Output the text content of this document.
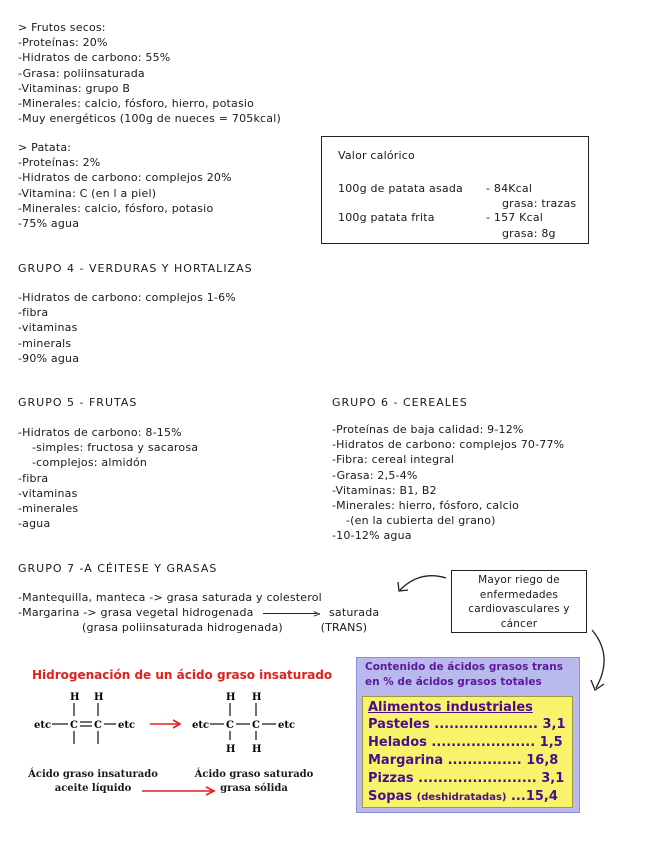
> Frutos secos:
-Proteínas: 20%
-Hidratos de carbono: 55%
-Grasa: poliinsaturada
-Vitaminas: grupo B
-Minerales: calcio, fósforo, hierro, potasio
-Muy energéticos (100g de nueces = 705kcal)
> Patata:
-Proteínas: 2%
-Hidratos de carbono: complejos 20%
-Vitamina: C (en l a piel)
-Minerales: calcio, fósforo, potasio
-75% agua
Valor calórico
100g de patata asada - 84Kcal
grasa: trazas
100g patata frita	- 157 Kcal
grasa: 8g
GRUPO 4 - VERDURAS Y HORTALIZAS
-Hidratos de carbono: complejos 1-6%
-fibra
-vitaminas
-minerals
-90% agua
GRUPO 5 - FRUTAS
-Hidratos de carbono: 8-15%
-simples: fructosa y sacarosa
-complejos: almidón
-fibra
-vitaminas
-minerales
-agua
GRUPO 6 - CEREALES
-Proteínas de baja calidad: 9-12%
-Hidratos de carbono: complejos 70-77%
-Fibra: cereal integral
-Grasa: 2,5-4%
-Vitaminas: B1, B2
-Minerales: hierro, fósforo, calcio
-(en la cubierta del grano)
-10-12% agua
GRUPO 7 -A CÉITESE Y GRASAS
-Mantequilla, manteca -> grasa saturada y colesterol
-Margarina -> grasa vegetal hidrogenada	> saturada
(grasa poliinsaturada hidrogenada)	(TRANS)
Mayor riego de
enfermedades
cardiovasculares y
cáncer
Hidrogenación de un ácido graso insaturado
H H
etc C C etc
H H
etc C C etc
H H
Ácido graso insaturado
aceite líquido
Ácido graso saturado
grasa sólida
Contenido de ácidos grasos trans
en % de ácidos grasos totales
Alimentos industriales
Pasteles ..................... 3,1
Helados ..................... 1,5
Margarina ............... 16,8
Pizzas ........................ 3,1
Sopas (deshidratadas) ...15,4
